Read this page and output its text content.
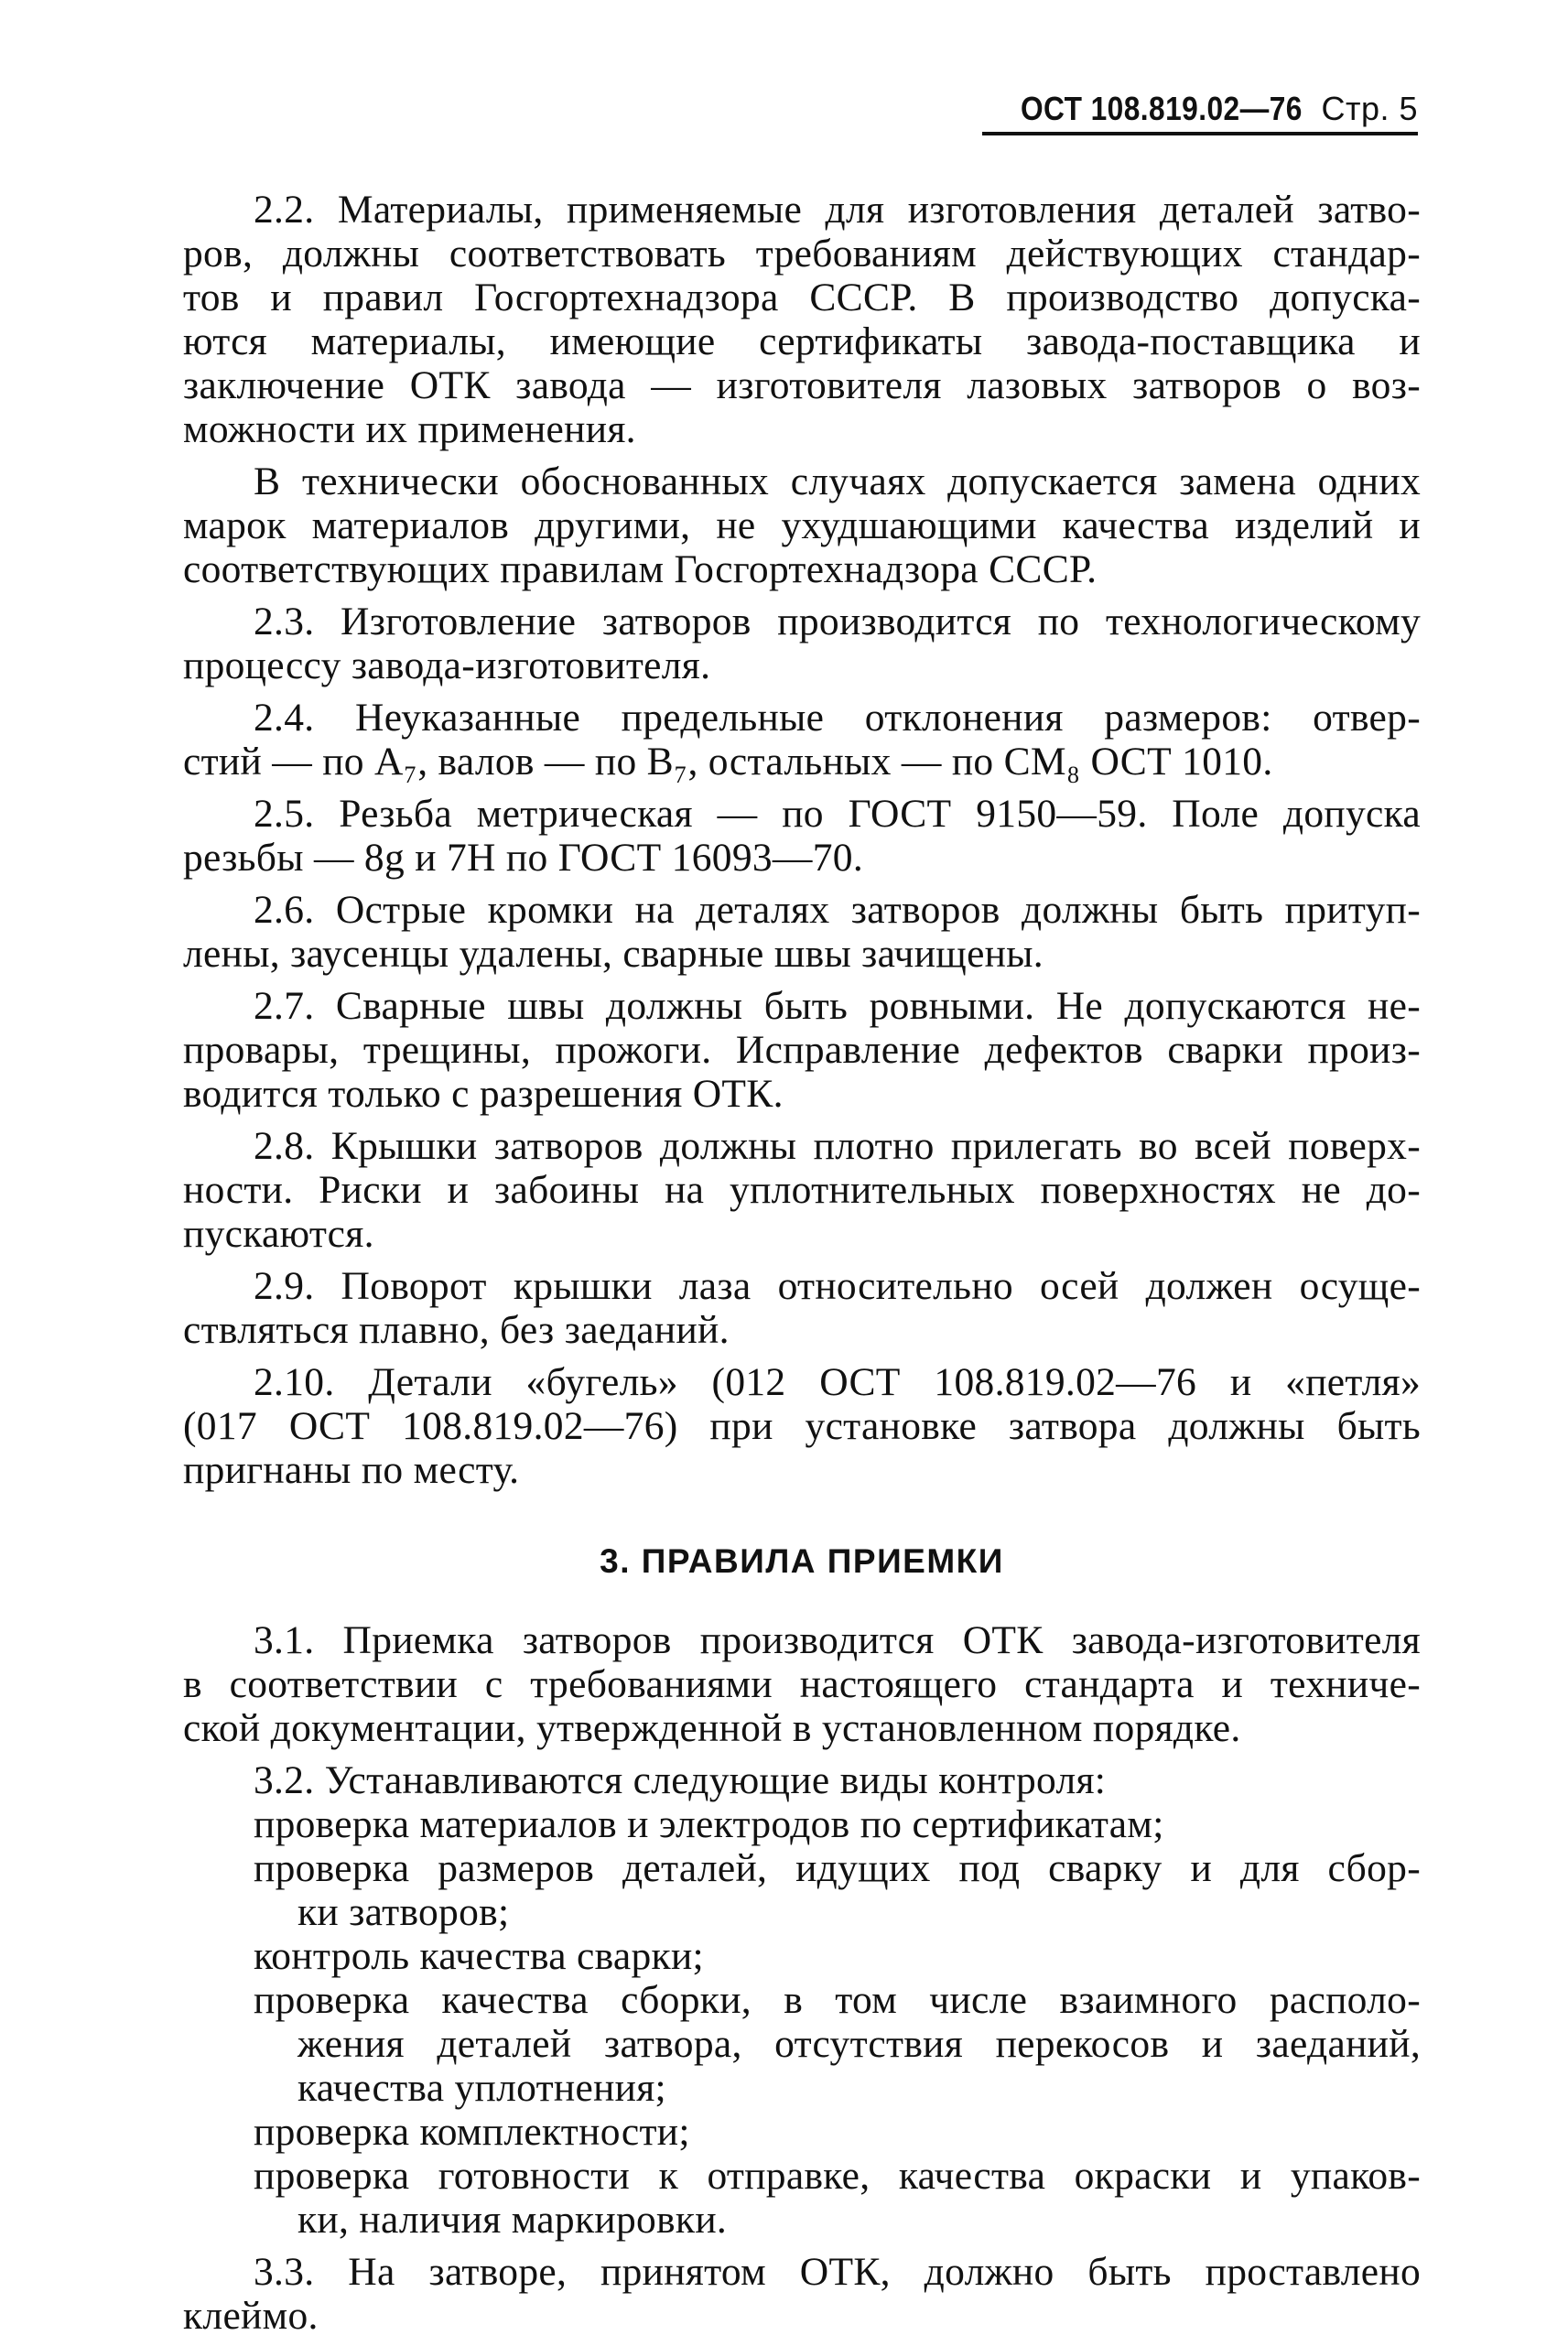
ОСТ 108.819.02—76 Стр. 5
2.2. Материалы, применяемые для изготовления деталей затво-
ров, должны соответствовать требованиям действующих стандар-
тов и правил Госгортехнадзора СССР. В производство допуска-
ются материалы, имеющие сертификаты завода-поставщика и
заключение ОТК завода — изготовителя лазовых затворов о воз-
можности их применения.
В технически обоснованных случаях допускается замена одних
марок материалов другими, не ухудшающими качества изделий и
соответствующих правилам Госгортехнадзора СССР.
2.3. Изготовление затворов производится по технологическому
процессу завода-изготовителя.
2.4. Неуказанные предельные отклонения размеров: отвер-
стий — по А₇, валов — по В₇, остальных — по СМ₈ ОСТ 1010.
2.5. Резьба метрическая — по ГОСТ 9150—59. Поле допуска
резьбы — 8g и 7Н по ГОСТ 16093—70.
2.6. Острые кромки на деталях затворов должны быть притуп-
лены, заусенцы удалены, сварные швы зачищены.
2.7. Сварные швы должны быть ровными. Не допускаются не-
провары, трещины, прожоги. Исправление дефектов сварки произ-
водится только с разрешения ОТК.
2.8. Крышки затворов должны плотно прилегать во всей поверх-
ности. Риски и забоины на уплотнительных поверхностях не до-
пускаются.
2.9. Поворот крышки лаза относительно осей должен осуще-
ствляться плавно, без заеданий.
2.10. Детали «бугель» (012 ОСТ 108.819.02—76 и «петля»
(017 ОСТ 108.819.02—76) при установке затвора должны быть
пригнаны по месту.
3. ПРАВИЛА ПРИЕМКИ
3.1. Приемка затворов производится ОТК завода-изготовителя
в соответствии с требованиями настоящего стандарта и техниче-
ской документации, утвержденной в установленном порядке.
3.2. Устанавливаются следующие виды контроля:
проверка материалов и электродов по сертификатам;
проверка размеров деталей, идущих под сварку и для сбор-
ки затворов;
контроль качества сварки;
проверка качества сборки, в том числе взаимного располо-
жения деталей затвора, отсутствия перекосов и заеданий,
качества уплотнения;
проверка комплектности;
проверка готовности к отправке, качества окраски и упаков-
ки, наличия маркировки.
3.3. На затворе, принятом ОТК, должно быть проставлено
клеймо.
